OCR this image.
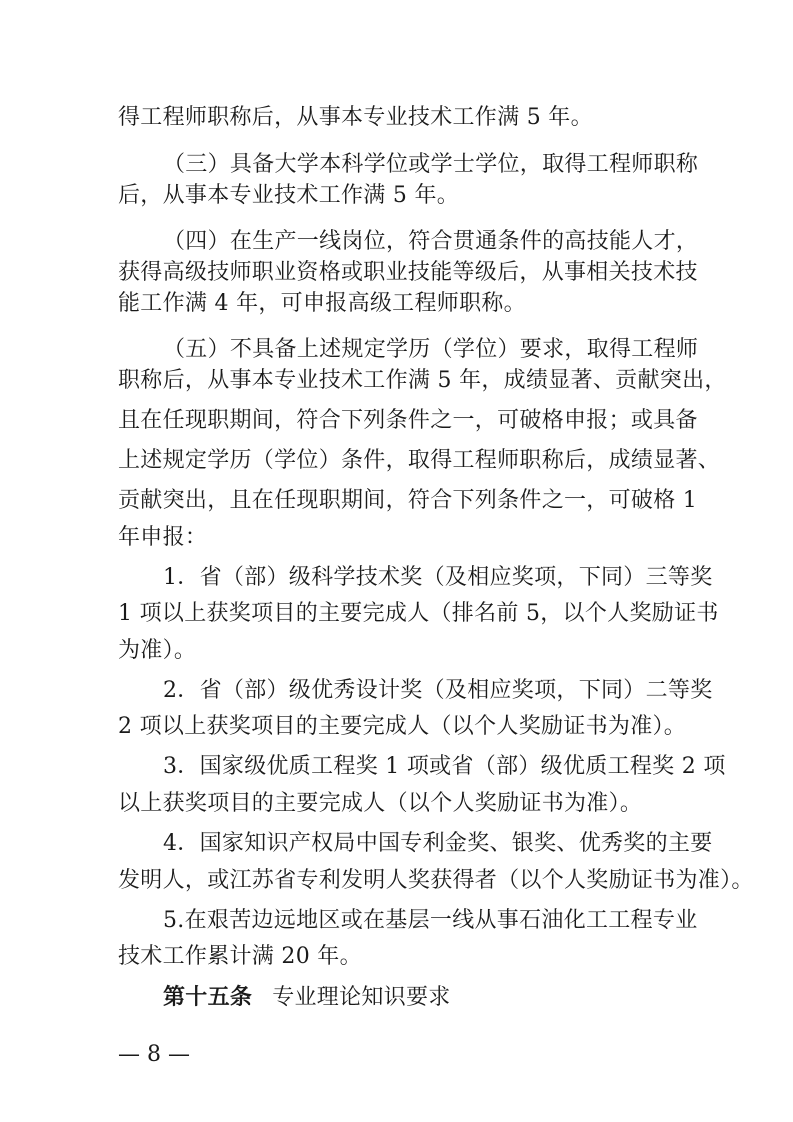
得工程师职称后，从事本专业技术工作满 5 年。
（三）具备大学本科学位或学士学位，取得工程师职称
后，从事本专业技术工作满 5 年。
（四）在生产一线岗位，符合贯通条件的高技能人才，
获得高级技师职业资格或职业技能等级后，从事相关技术技
能工作满 4 年，可申报高级工程师职称。
（五）不具备上述规定学历（学位）要求，取得工程师
职称后，从事本专业技术工作满 5 年，成绩显著、贡献突出，
且在任现职期间，符合下列条件之一，可破格申报；或具备
上述规定学历（学位）条件，取得工程师职称后，成绩显著、
贡献突出，且在任现职期间，符合下列条件之一，可破格 1
年申报：
1．省（部）级科学技术奖（及相应奖项，下同）三等奖
1 项以上获奖项目的主要完成人（排名前 5，以个人奖励证书
为准）。
2．省（部）级优秀设计奖（及相应奖项，下同）二等奖
2 项以上获奖项目的主要完成人（以个人奖励证书为准）。
3．国家级优质工程奖 1 项或省（部）级优质工程奖 2 项
以上获奖项目的主要完成人（以个人奖励证书为准）。
4．国家知识产权局中国专利金奖、银奖、优秀奖的主要
发明人，或江苏省专利发明人奖获得者（以个人奖励证书为准）。
5.在艰苦边远地区或在基层一线从事石油化工工程专业
技术工作累计满 20 年。
第十五条 专业理论知识要求
— 8 —
